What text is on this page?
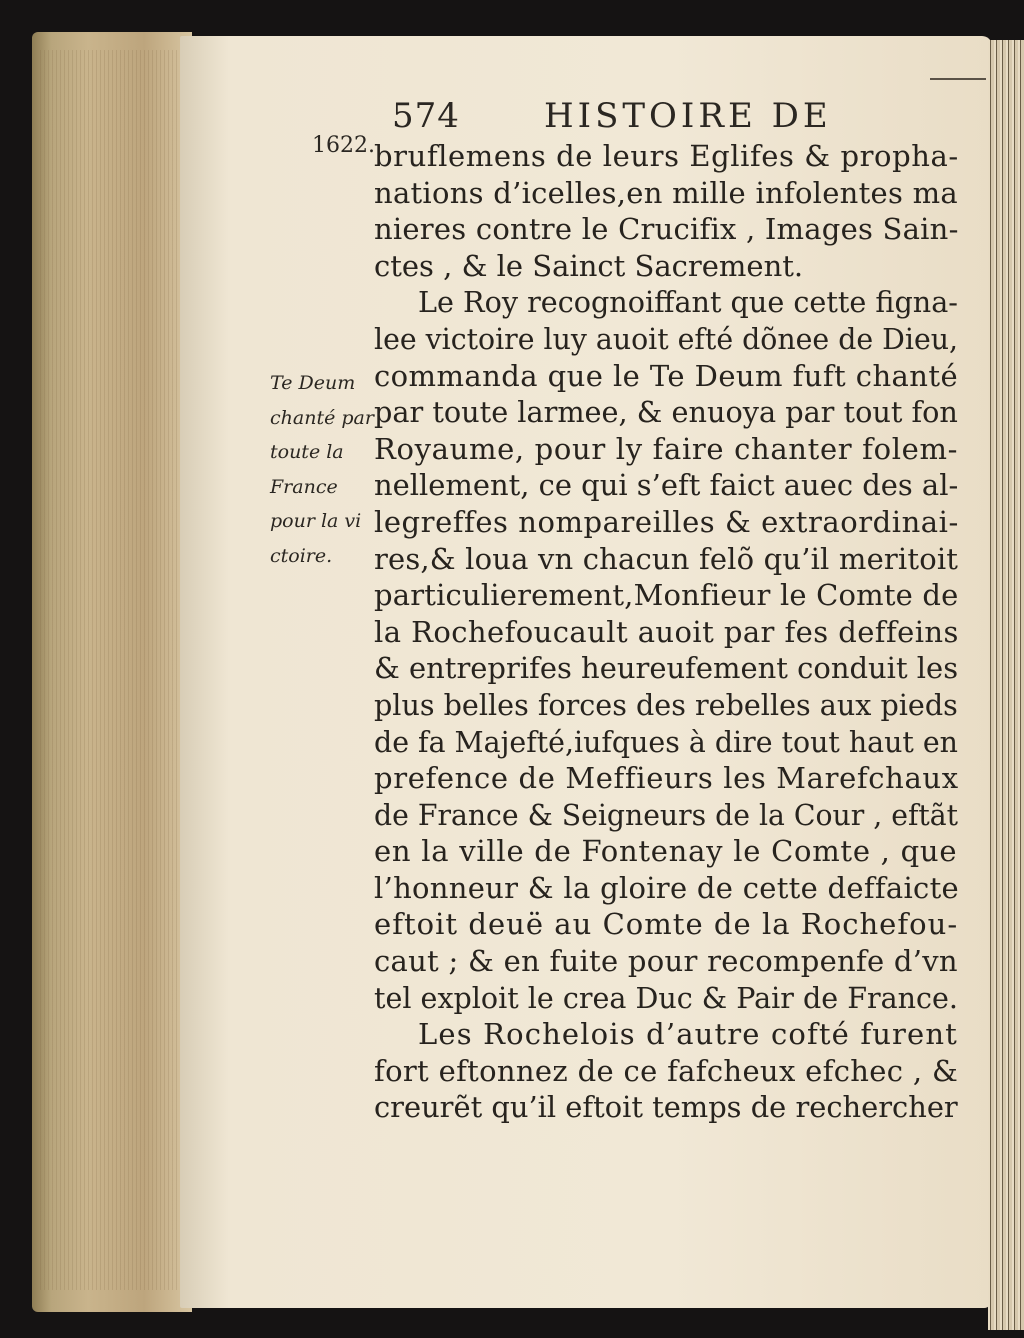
574 HISTOIRE DE
1622.
Te Deum
chanté par
toute la
France
pour la vi
ctoire.
bruflemens de leurs Eglifes & propha-
nations d’icelles,en mille infolentes ma
nieres contre le Crucifix , Images Sain-
ctes , & le Sainct Sacrement.
Le Roy recognoiffant que cette figna-
lee victoire luy auoit efté dõnee de Dieu,
commanda que le Te Deum fuft chanté
par toute larmee, & enuoya par tout fon
Royaume, pour ly faire chanter folem-
nellement, ce qui s’eft faict auec des al-
legreffes nompareilles & extraordinai-
res,& loua vn chacun felõ qu’il meritoit
particulierement,Monfieur le Comte de
la Rochefoucault auoit par fes deffeins
& entreprifes heureufement conduit les
plus belles forces des rebelles aux pieds
de fa Majefté,iufques à dire tout haut en
prefence de Meffieurs les Marefchaux
de France & Seigneurs de la Cour , eftãt
en la ville de Fontenay le Comte , que
l’honneur & la gloire de cette deffaicte
eftoit deuë au Comte de la Rochefou-
caut ; & en fuite pour recompenfe d’vn
tel exploit le crea Duc & Pair de France.
Les Rochelois d’autre cofté furent
fort eftonnez de ce fafcheux efchec , &
creurẽt qu’il eftoit temps de rechercher
